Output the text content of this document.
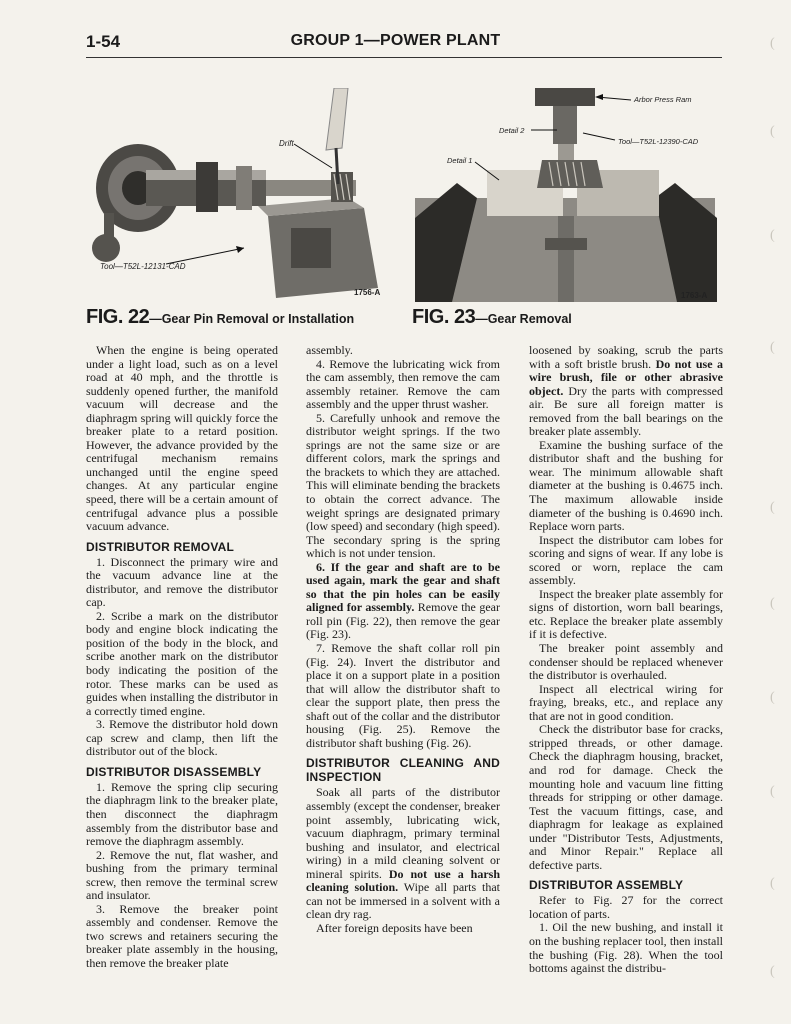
1-54	GROUP 1—POWER PLANT
Drift
Tool—T52L-12131-CAD
1756-A
Arbor Press Ram
Detail 2
Tool—T52L-12390-CAD
Detail 1
1763-A
FIG. 22—Gear Pin Removal or Installation	FIG. 23—Gear Removal

When the engine is being operated under a light load, such as on a level road at 40 mph, and the throttle is suddenly opened further, the manifold vacuum will decrease and the diaphragm spring will quickly force the breaker plate to a retard position. However, the advance provided by the centrifugal mechanism remains unchanged until the engine speed changes. At any particular engine speed, there will be a certain amount of centrifugal advance plus a possible vacuum advance.

DISTRIBUTOR REMOVAL

1. Disconnect the primary wire and the vacuum advance line at the distributor, and remove the distributor cap.

2. Scribe a mark on the distributor body and engine block indicating the position of the body in the block, and scribe another mark on the distributor body indicating the position of the rotor. These marks can be used as guides when installing the distributor in a correctly timed engine.

3. Remove the distributor hold down cap screw and clamp, then lift the distributor out of the block.

DISTRIBUTOR DISASSEMBLY

1. Remove the spring clip securing the diaphragm link to the breaker plate, then disconnect the diaphragm assembly from the distributor base and remove the diaphragm assembly.

2. Remove the nut, flat washer, and bushing from the primary terminal screw, then remove the terminal screw and insulator.

3. Remove the breaker point assembly and condenser. Remove the two screws and retainers securing the breaker plate assembly in the housing, then remove the breaker plate

assembly.

4. Remove the lubricating wick from the cam assembly, then remove the cam assembly retainer. Remove the cam assembly and the upper thrust washer.

5. Carefully unhook and remove the distributor weight springs. If the two springs are not the same size or are different colors, mark the springs and the brackets to which they are attached. This will eliminate bending the brackets to obtain the correct advance. The weight springs are designated primary (low speed) and secondary (high speed). The secondary spring is the spring which is not under tension.

6. If the gear and shaft are to be used again, mark the gear and shaft so that the pin holes can be easily aligned for assembly. Remove the gear roll pin (Fig. 22), then remove the gear (Fig. 23).

7. Remove the shaft collar roll pin (Fig. 24). Invert the distributor and place it on a support plate in a position that will allow the distributor shaft to clear the support plate, then press the shaft out of the collar and the distributor housing (Fig. 25). Remove the distributor shaft bushing (Fig. 26).

DISTRIBUTOR CLEANING AND INSPECTION

Soak all parts of the distributor assembly (except the condenser, breaker point assembly, lubricating wick, vacuum diaphragm, primary terminal bushing and insulator, and electrical wiring) in a mild cleaning solvent or mineral spirits. Do not use a harsh cleaning solution. Wipe all parts that can not be immersed in a solvent with a clean dry rag.

After foreign deposits have been

loosened by soaking, scrub the parts with a soft bristle brush. Do not use a wire brush, file or other abrasive object. Dry the parts with compressed air. Be sure all foreign matter is removed from the ball bearings on the breaker plate assembly.

Examine the bushing surface of the distributor shaft and the bushing for wear. The minimum allowable shaft diameter at the bushing is 0.4675 inch. The maximum allowable inside diameter of the bushing is 0.4690 inch. Replace worn parts.

Inspect the distributor cam lobes for scoring and signs of wear. If any lobe is scored or worn, replace the cam assembly.

Inspect the breaker plate assembly for signs of distortion, worn ball bearings, etc. Replace the breaker plate assembly if it is defective.

The breaker point assembly and condenser should be replaced whenever the distributor is overhauled.

Inspect all electrical wiring for fraying, breaks, etc., and replace any that are not in good condition.

Check the distributor base for cracks, stripped threads, or other damage. Check the diaphragm housing, bracket, and rod for damage. Check the mounting hole and vacuum line fitting threads for stripping or other damage. Test the vacuum fittings, case, and diaphragm for leakage as explained under "Distributor Tests, Adjustments, and Minor Repair." Replace all defective parts.

DISTRIBUTOR ASSEMBLY

Refer to Fig. 27 for the correct location of parts.

1. Oil the new bushing, and install it on the bushing replacer tool, then install the bushing (Fig. 28). When the tool bottoms against the distribu-

(
(
(
(
(
(
(
(
(
(
